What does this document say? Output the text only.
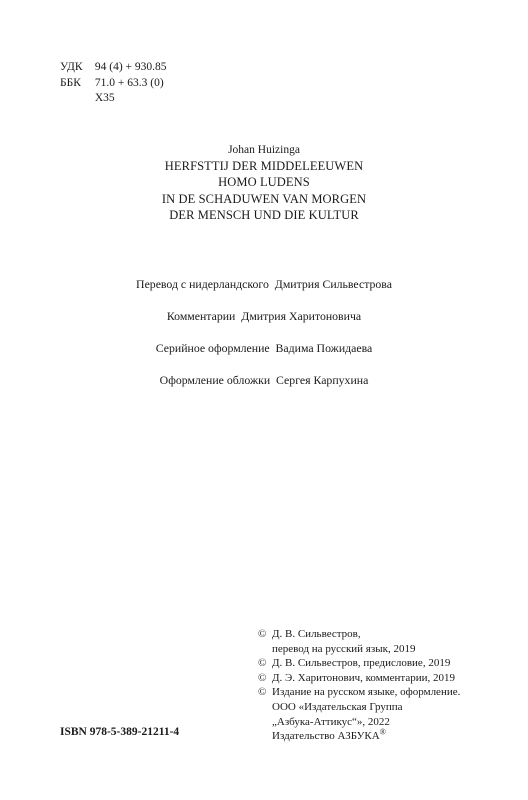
УДК 94 (4) + 930.85
ББК 71.0 + 63.3 (0)
Х35
Johan Huizinga
HERFSTTIJ DER MIDDELEEUWEN
HOMO LUDENS
IN DE SCHADUWEN VAN MORGEN
DER MENSCH UND DIE KULTUR
Перевод с нидерландского  Дмитрия Сильвестрова
Комментарии  Дмитрия Харитоновича
Серийное оформление  Вадима Пожидаева
Оформление обложки  Сергея Карпухина
© Д. В. Сильвестров,
перевод на русский язык, 2019
© Д. В. Сильвестров, предисловие, 2019
© Д. Э. Харитонович, комментарии, 2019
© Издание на русском языке, оформление.
ООО «Издательская Группа
„Азбука-Аттикус“», 2022
Издательство АЗБУКА®
ISBN 978-5-389-21211-4
